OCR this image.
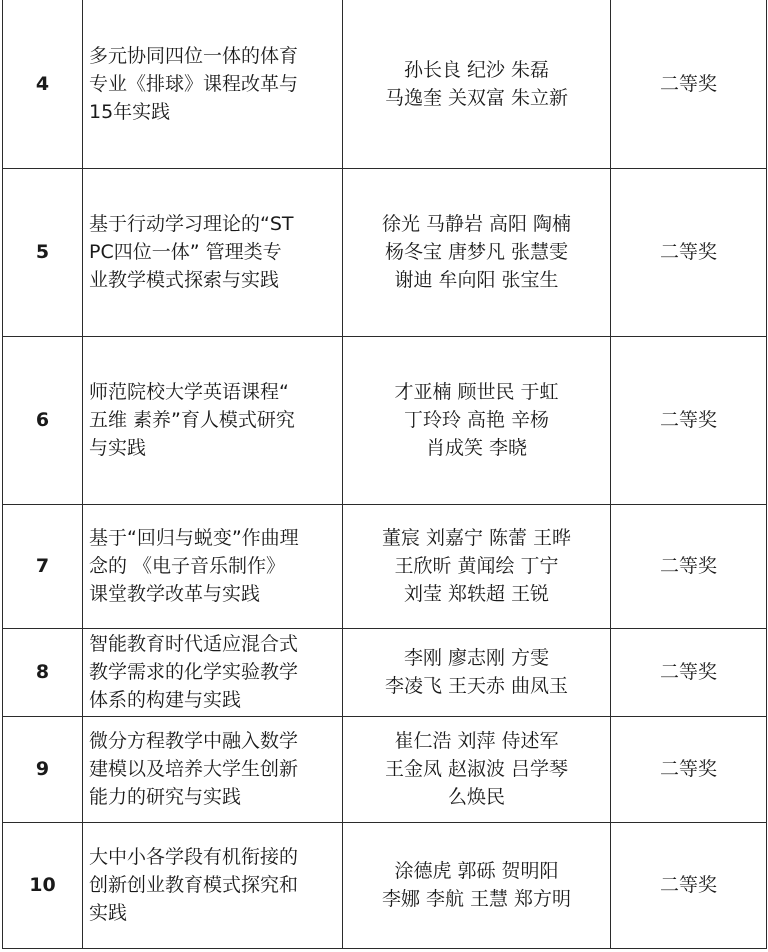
4	多元协同四位一体的体育
专业《排球》课程改革与
15年实践	孙长良 纪沙 朱磊
马逸奎 关双富 朱立新	二等奖
5	基于行动学习理论的“ST
PC四位一体” 管理类专
业教学模式探索与实践	徐光 马静岩 高阳 陶楠
杨冬宝 唐梦凡 张慧雯
谢迪 牟向阳 张宝生	二等奖
6	师范院校大学英语课程“
五维 素养”育人模式研究
与实践	才亚楠 顾世民 于虹
丁玲玲 高艳 辛杨
肖成笑 李晓	二等奖
7	基于“回归与蜕变”作曲理
念的 《电子音乐制作》
课堂教学改革与实践	董宸 刘嘉宁 陈蕾 王晔
王欣昕 黄闻绘 丁宁
刘莹 郑轶超 王锐	二等奖
8	智能教育时代适应混合式
教学需求的化学实验教学
体系的构建与实践	李刚 廖志刚 方雯
李凌飞 王天赤 曲凤玉	二等奖
9	微分方程教学中融入数学
建模以及培养大学生创新
能力的研究与实践	崔仁浩 刘萍 侍述军
王金凤 赵淑波 吕学琴
么焕民	二等奖
10	大中小各学段有机衔接的
创新创业教育模式探究和
实践	涂德虎 郭砾 贺明阳
李娜 李航 王慧 郑方明	二等奖
